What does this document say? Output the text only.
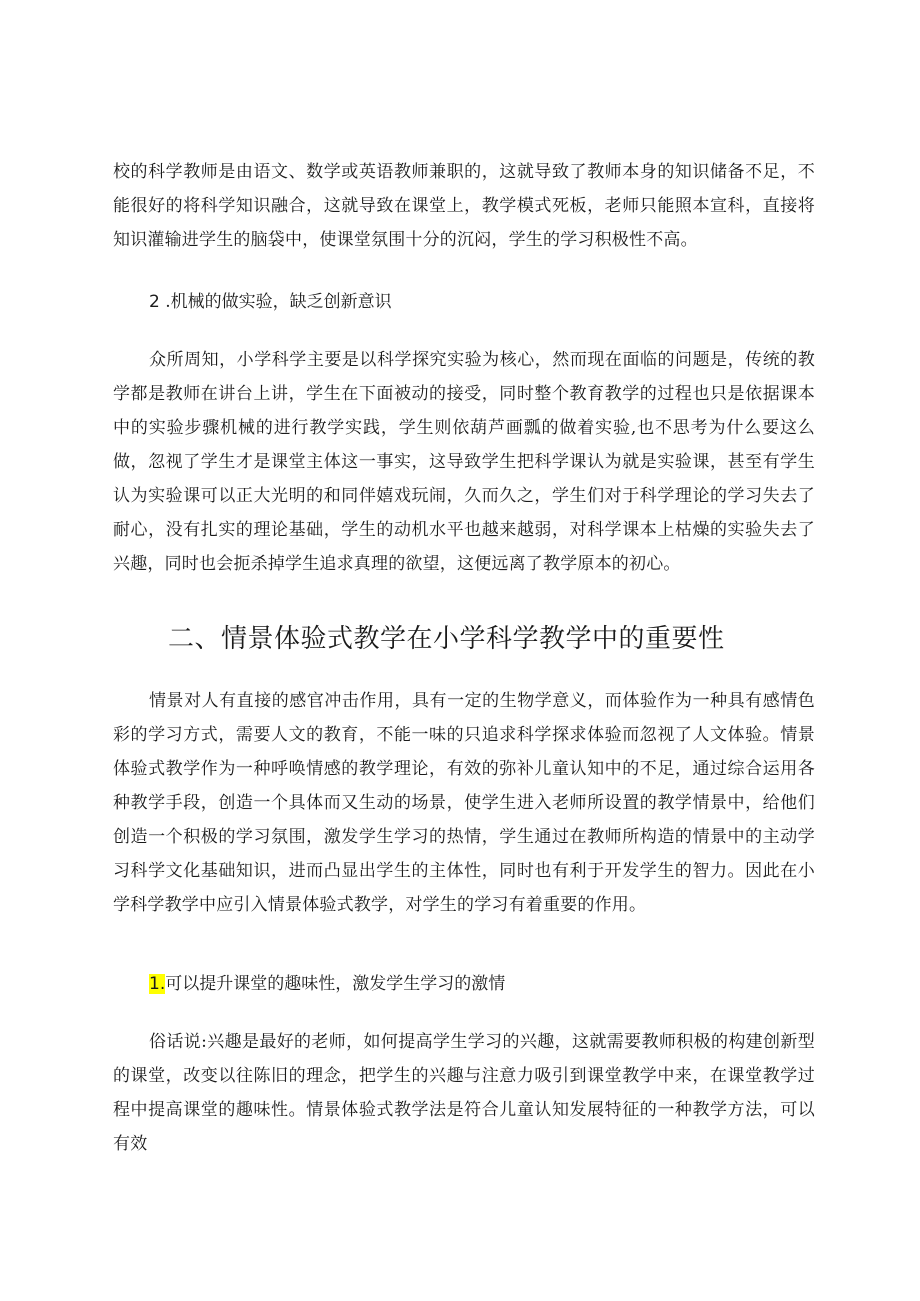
校的科学教师是由语文、数学或英语教师兼职的，这就导致了教师本身的知识储备不足，不能很好的将科学知识融合，这就导致在课堂上，教学模式死板，老师只能照本宣科，直接将知识灌输进学生的脑袋中，使课堂氛围十分的沉闷，学生的学习积极性不高。

2 .机械的做实验，缺乏创新意识

众所周知，小学科学主要是以科学探究实验为核心，然而现在面临的问题是，传统的教学都是教师在讲台上讲，学生在下面被动的接受，同时整个教育教学的过程也只是依据课本中的实验步骤机械的进行教学实践，学生则依葫芦画瓢的做着实验,也不思考为什么要这么做，忽视了学生才是课堂主体这一事实，这导致学生把科学课认为就是实验课，甚至有学生认为实验课可以正大光明的和同伴嬉戏玩闹，久而久之，学生们对于科学理论的学习失去了耐心，没有扎实的理论基础，学生的动机水平也越来越弱，对科学课本上枯燥的实验失去了兴趣，同时也会扼杀掉学生追求真理的欲望，这便远离了教学原本的初心。

二、情景体验式教学在小学科学教学中的重要性

情景对人有直接的感官冲击作用，具有一定的生物学意义，而体验作为一种具有感情色彩的学习方式，需要人文的教育，不能一味的只追求科学探求体验而忽视了人文体验。情景体验式教学作为一种呼唤情感的教学理论，有效的弥补儿童认知中的不足，通过综合运用各种教学手段，创造一个具体而又生动的场景，使学生进入老师所设置的教学情景中，给他们创造一个积极的学习氛围，激发学生学习的热情，学生通过在教师所构造的情景中的主动学习科学文化基础知识，进而凸显出学生的主体性，同时也有利于开发学生的智力。因此在小学科学教学中应引入情景体验式教学，对学生的学习有着重要的作用。

1.可以提升课堂的趣味性，激发学生学习的激情

俗话说:兴趣是最好的老师，如何提高学生学习的兴趣，这就需要教师积极的构建创新型的课堂，改变以往陈旧的理念，把学生的兴趣与注意力吸引到课堂教学中来，在课堂教学过程中提高课堂的趣味性。情景体验式教学法是符合儿童认知发展特征的一种教学方法，可以有效
